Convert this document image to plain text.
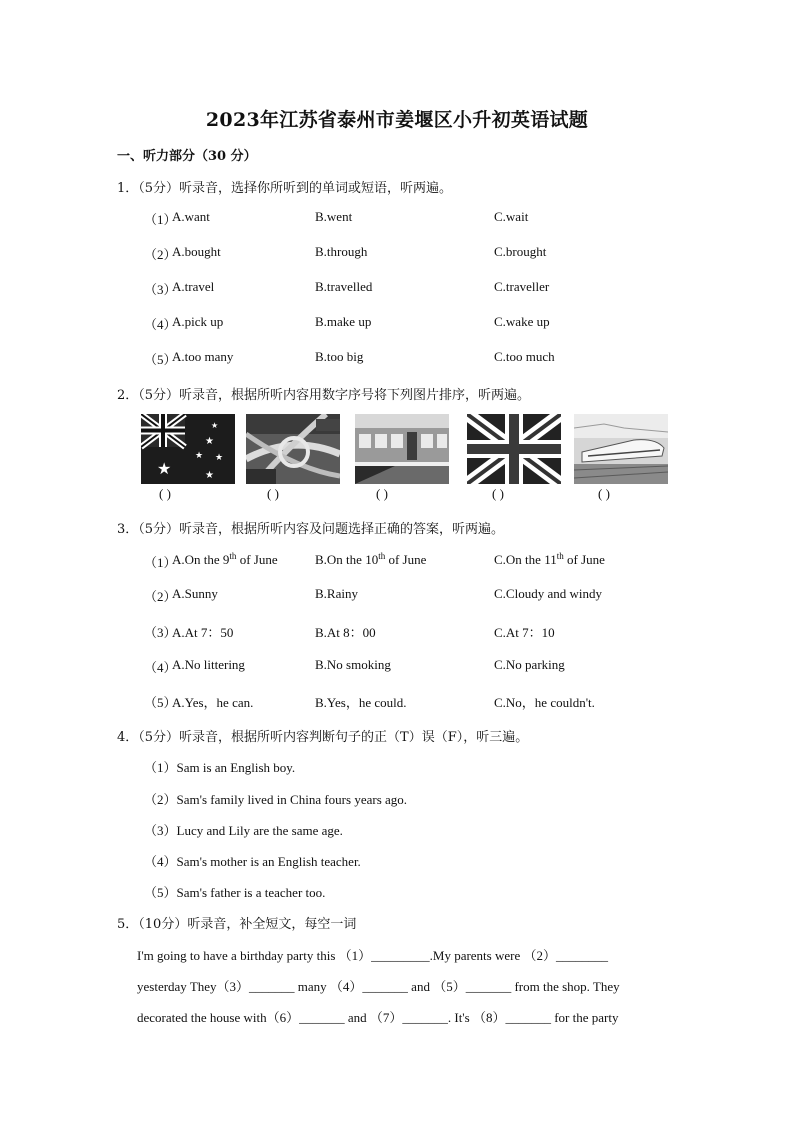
2023年江苏省泰州市姜堰区小升初英语试题
一、听力部分（30 分）
1．（5分）听录音，选择你所听到的单词或短语，听两遍。
（1）
A.want	B.went	C.wait
（2）
A.bought	B.through	C.brought
（3）
A.travel	B.travelled	C.traveller
（4）
A.pick up	B.make up	C.wake up
（5）
A.too many	B.too big	C.too much
2．（5分）听录音，根据所听内容用数字序号将下列图片排序，听两遍。
★
★
★ ★
★
★
( )	( )	( )	( )	( )
3．（5分）听录音，根据所听内容及问题选择正确的答案，听两遍。
（1）
A.On the 9th of June	B.On the 10th of June	C.On the 11th of June
（2）
A.Sunny	B.Rainy	C.Cloudy and windy
（3）
A.At 7：50	B.At 8：00	C.At 7：10
（4）
A.No littering	B.No smoking	C.No parking
（5）
A.Yes，he can.	B.Yes，he could.	C.No，he couldn't.
4．（5分）听录音，根据所听内容判断句子的正（T）误（F），听三遍。
（1）Sam is an English boy.
（2）Sam's family lived in China fours years ago.
（3）Lucy and Lily are the same age.
（4）Sam's mother is an English teacher.
（5）Sam's father is a teacher too.
5．（10分）听录音，补全短文，每空一词
I'm going to have a birthday party this （1）_________.My parents were （2）________
yesterday They（3）_______ many （4）_______ and （5）_______ from the shop. They
decorated the house with（6）_______ and （7）_______. It's （8）_______ for the party
